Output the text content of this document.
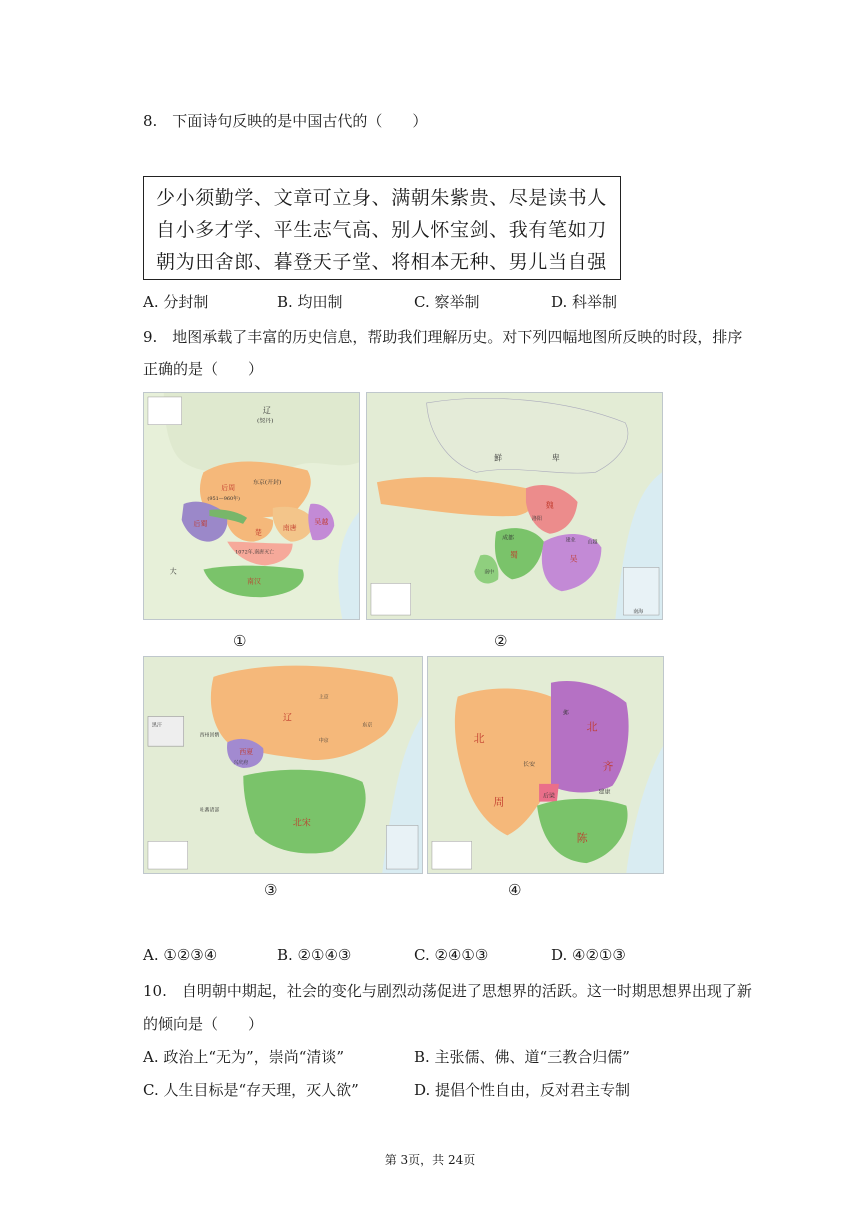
8.　下面诗句反映的是中国古代的（　　）
少小须勤学、文章可立身、满朝朱紫贵、尽是读书人
自小多才学、平生志气高、别人怀宝剑、我有笔如刀
朝为田舍郎、暮登天子堂、将相本无种、男儿当自强
A. 分封制	B. 均田制	C. 察举制	D. 科举制
9.　地图承载了丰富的历史信息，帮助我们理解历史。对下列四幅地图所反映的时段，排序
正确的是（　　）
辽
(契丹)
东京(开封)
后周
(951—960年)
后蜀	南唐
吴越
1072年,南唐灭亡
南汉
楚
大
鲜	卑
魏
洛阳
成都
蜀	吴
建业 山越
南中
南海
①	②
辽
上京
中京
东京
西夏
兴庆府
北宋
吐蕃诸部
西州回鹘
黑汗
北
周
北
齐
陈
后梁
长安
邺
建康
③	④
A. ①②③④	B. ②①④③	C. ②④①③	D. ④②①③
10.　自明朝中期起，社会的变化与剧烈动荡促进了思想界的活跃。这一时期思想界出现了新
的倾向是（　　）
A. 政治上“无为”，崇尚“清谈”	B. 主张儒、佛、道“三教合归儒”
C. 人生目标是“存天理，灭人欲”	D. 提倡个性自由，反对君主专制
第 3页，共 24页
